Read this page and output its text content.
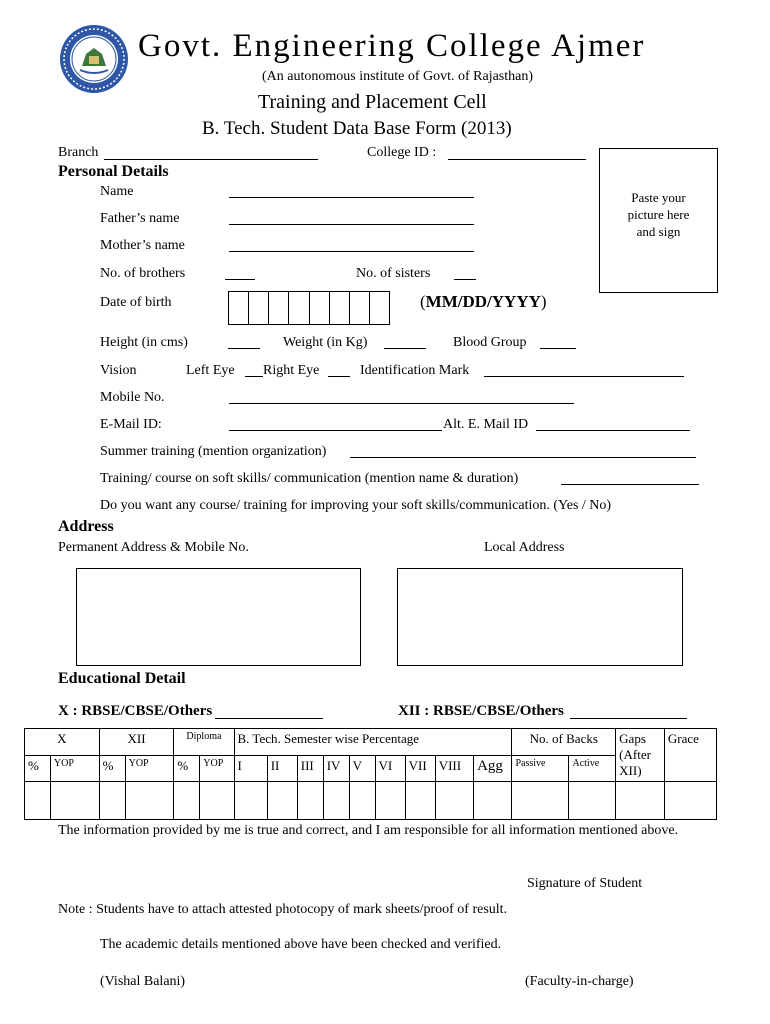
Govt. Engineering College Ajmer
(An autonomous institute of Govt. of Rajasthan)
Training and Placement Cell
B. Tech. Student Data Base Form (2013)
Branch	College ID :
Paste your
picture here
and sign
Personal Details
Name
Father’s name
Mother’s name
No. of brothers	No. of sisters
Date of birth	(MM/DD/YYYY)
Height (in cms)	Weight (in Kg)	Blood Group
Vision	Left Eye Right Eye	Identification Mark
Mobile No.
E-Mail ID:	Alt. E. Mail ID
Summer training (mention organization)
Training/ course on soft skills/ communication (mention name & duration)
Do you want any course/ training for improving your soft skills/communication. (Yes / No)
Address
Permanent Address & Mobile No.	Local Address
Educational Detail
X : RBSE/CBSE/Others	XII : RBSE/CBSE/Others
X		XII		Diploma		B. Tech. Semester wise Percentage									No. of Backs		Gaps (After XII)	Grace
%	YOP	%	YOP	%	YOP	I	II	III	IV	V	VI	VII	VIII	Agg	Passive	Active		

The information provided by me is true and correct, and I am responsible for all information mentioned above.
Signature of Student
Note : Students have to attach attested photocopy of mark sheets/proof of result.
The academic details mentioned above have been checked and verified.
(Vishal Balani)	(Faculty-in-charge)
